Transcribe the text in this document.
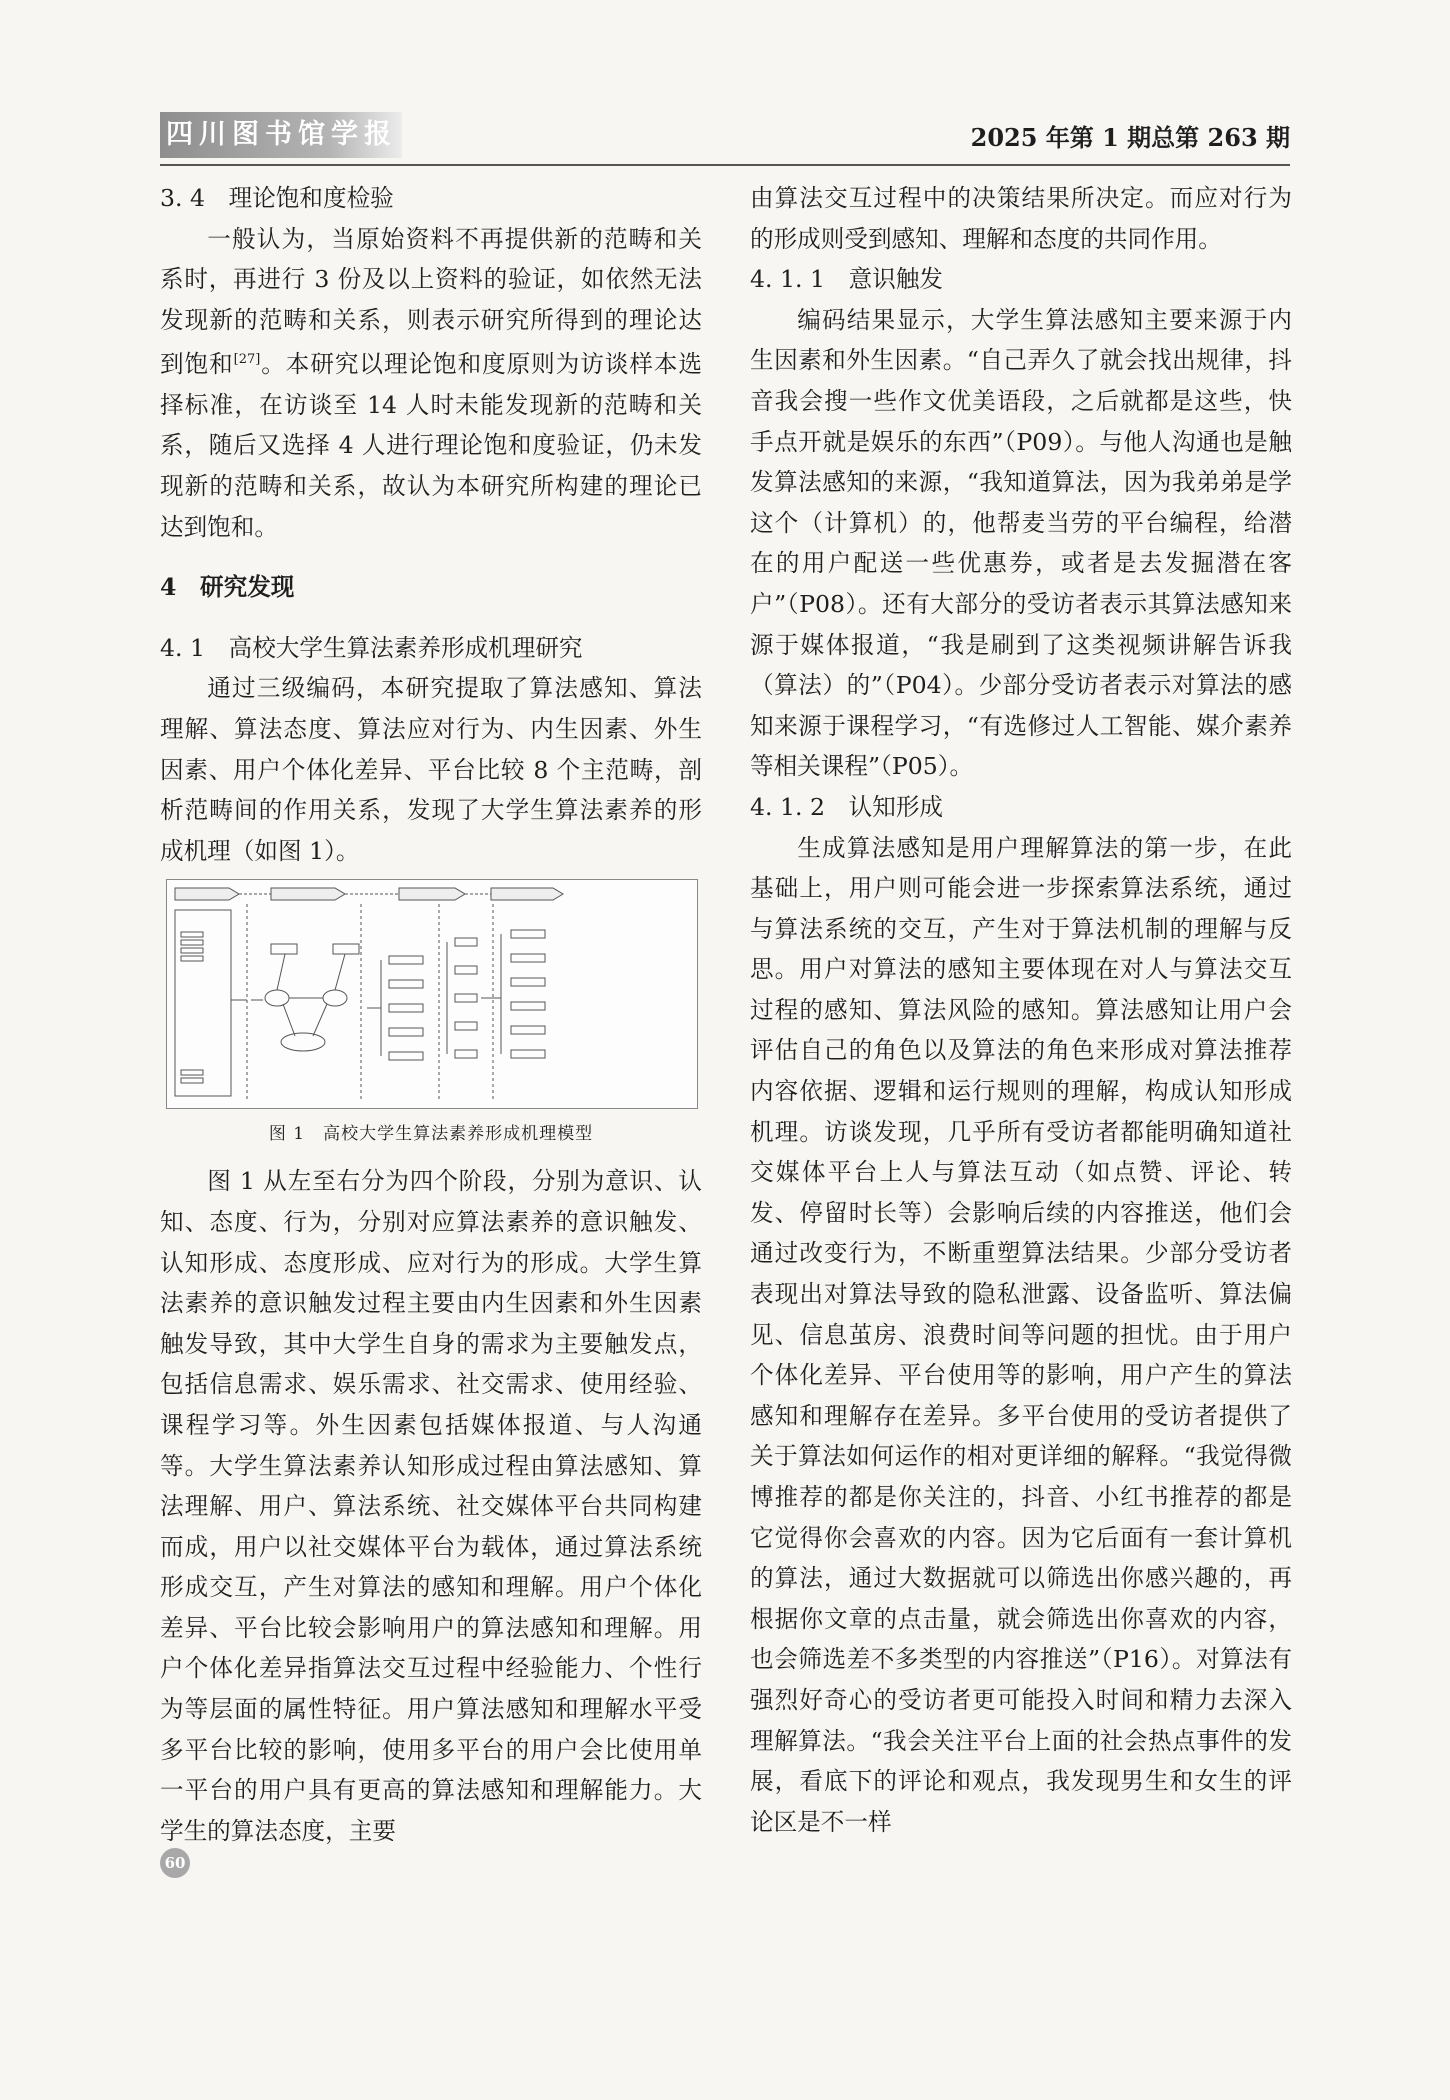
四川图书馆学报	2025 年第 1 期总第 263 期
3. 4　理论饱和度检验

一般认为，当原始资料不再提供新的范畴和关系时，再进行 3 份及以上资料的验证，如依然无法发现新的范畴和关系，则表示研究所得到的理论达到饱和[27]。本研究以理论饱和度原则为访谈样本选择标准，在访谈至 14 人时未能发现新的范畴和关系，随后又选择 4 人进行理论饱和度验证，仍未发现新的范畴和关系，故认为本研究所构建的理论已达到饱和。

4　研究发现
4. 1　高校大学生算法素养形成机理研究

通过三级编码，本研究提取了算法感知、算法理解、算法态度、算法应对行为、内生因素、外生因素、用户个体化差异、平台比较 8 个主范畴，剖析范畴间的作用关系，发现了大学生算法素养的形成机理（如图 1）。

图 1　高校大学生算法素养形成机理模型

图 1 从左至右分为四个阶段，分别为意识、认知、态度、行为，分别对应算法素养的意识触发、认知形成、态度形成、应对行为的形成。大学生算法素养的意识触发过程主要由内生因素和外生因素触发导致，其中大学生自身的需求为主要触发点，包括信息需求、娱乐需求、社交需求、使用经验、课程学习等。外生因素包括媒体报道、与人沟通等。大学生算法素养认知形成过程由算法感知、算法理解、用户、算法系统、社交媒体平台共同构建而成，用户以社交媒体平台为载体，通过算法系统形成交互，产生对算法的感知和理解。用户个体化差异、平台比较会影响用户的算法感知和理解。用户个体化差异指算法交互过程中经验能力、个性行为等层面的属性特征。用户算法感知和理解水平受多平台比较的影响，使用多平台的用户会比使用单一平台的用户具有更高的算法感知和理解能力。大学生的算法态度，主要

由算法交互过程中的决策结果所决定。而应对行为的形成则受到感知、理解和态度的共同作用。

4. 1. 1　意识触发

编码结果显示，大学生算法感知主要来源于内生因素和外生因素。“自己弄久了就会找出规律，抖音我会搜一些作文优美语段，之后就都是这些，快手点开就是娱乐的东西”（P09）。与他人沟通也是触发算法感知的来源，“我知道算法，因为我弟弟是学这个（计算机）的，他帮麦当劳的平台编程，给潜在的用户配送一些优惠券，或者是去发掘潜在客户”（P08）。还有大部分的受访者表示其算法感知来源于媒体报道，“我是刷到了这类视频讲解告诉我（算法）的”（P04）。少部分受访者表示对算法的感知来源于课程学习，“有选修过人工智能、媒介素养等相关课程”（P05）。

4. 1. 2　认知形成

生成算法感知是用户理解算法的第一步，在此基础上，用户则可能会进一步探索算法系统，通过与算法系统的交互，产生对于算法机制的理解与反思。用户对算法的感知主要体现在对人与算法交互过程的感知、算法风险的感知。算法感知让用户会评估自己的角色以及算法的角色来形成对算法推荐内容依据、逻辑和运行规则的理解，构成认知形成机理。访谈发现，几乎所有受访者都能明确知道社交媒体平台上人与算法互动（如点赞、评论、转发、停留时长等）会影响后续的内容推送，他们会通过改变行为，不断重塑算法结果。少部分受访者表现出对算法导致的隐私泄露、设备监听、算法偏见、信息茧房、浪费时间等问题的担忧。由于用户个体化差异、平台使用等的影响，用户产生的算法感知和理解存在差异。多平台使用的受访者提供了关于算法如何运作的相对更详细的解释。“我觉得微博推荐的都是你关注的，抖音、小红书推荐的都是它觉得你会喜欢的内容。因为它后面有一套计算机的算法，通过大数据就可以筛选出你感兴趣的，再根据你文章的点击量，就会筛选出你喜欢的内容，也会筛选差不多类型的内容推送”（P16）。对算法有强烈好奇心的受访者更可能投入时间和精力去深入理解算法。“我会关注平台上面的社会热点事件的发展，看底下的评论和观点，我发现男生和女生的评论区是不一样

60
